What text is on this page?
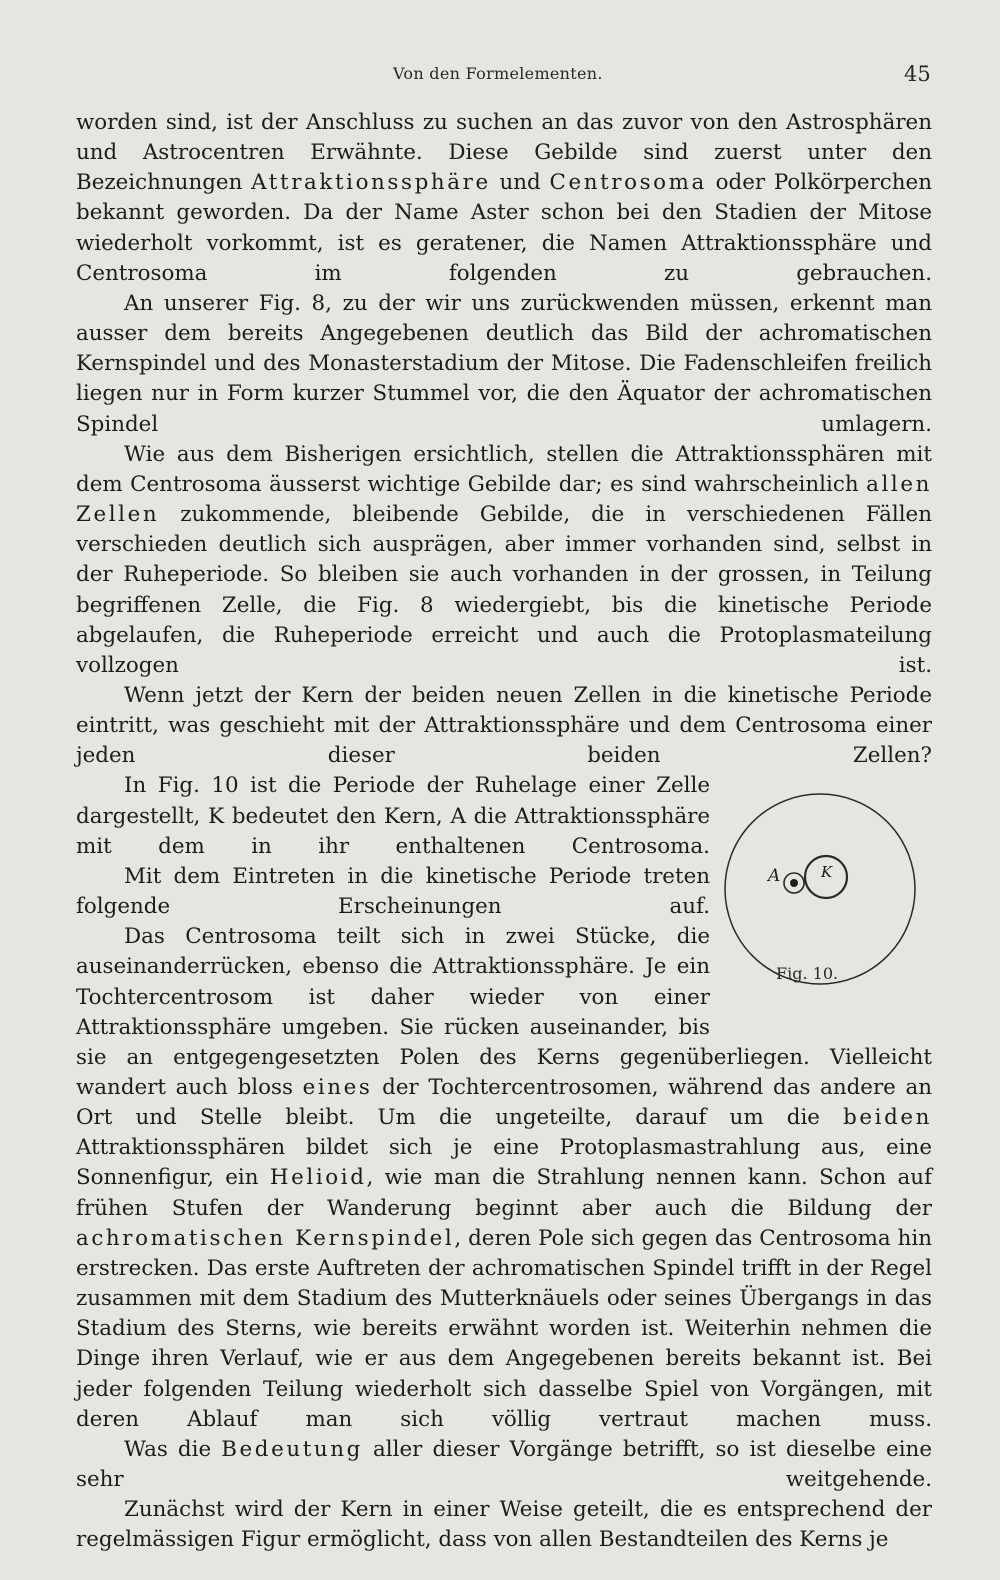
Von den Formelementen.	45

worden sind, ist der Anschluss zu suchen an das zuvor von den Astrosphären und Astrocentren Erwähnte. Diese Gebilde sind zuerst unter den Bezeichnungen Attraktionssphäre und Centrosoma oder Polkörperchen bekannt geworden. Da der Name Aster schon bei den Stadien der Mitose wiederholt vorkommt, ist es geratener, die Namen Attraktionssphäre und Centrosoma im folgenden zu gebrauchen.

An unserer Fig. 8, zu der wir uns zurückwenden müssen, erkennt man ausser dem bereits Angegebenen deutlich das Bild der achromatischen Kernspindel und des Monasterstadium der Mitose. Die Fadenschleifen freilich liegen nur in Form kurzer Stummel vor, die den Äquator der achromatischen Spindel umlagern.

Wie aus dem Bisherigen ersichtlich, stellen die Attraktionssphären mit dem Centrosoma äusserst wichtige Gebilde dar; es sind wahrscheinlich allen Zellen zukommende, bleibende Gebilde, die in verschiedenen Fällen verschieden deutlich sich ausprägen, aber immer vorhanden sind, selbst in der Ruheperiode. So bleiben sie auch vorhanden in der grossen, in Teilung begriffenen Zelle, die Fig. 8 wiedergiebt, bis die kinetische Periode abgelaufen, die Ruheperiode erreicht und auch die Protoplasmateilung vollzogen ist.

Wenn jetzt der Kern der beiden neuen Zellen in die kinetische Periode eintritt, was geschieht mit der Attraktionssphäre und dem Centrosoma einer jeden dieser beiden Zellen?

A	K
Fig. 10.

In Fig. 10 ist die Periode der Ruhelage einer Zelle dargestellt, K bedeutet den Kern, A die Attraktionssphäre mit dem in ihr enthaltenen Centrosoma.

Mit dem Eintreten in die kinetische Periode treten folgende Erscheinungen auf.

Das Centrosoma teilt sich in zwei Stücke, die auseinanderrücken, ebenso die Attraktionssphäre. Je ein Tochtercentrosom ist daher wieder von einer Attraktionssphäre umgeben. Sie rücken auseinander, bis sie an entgegengesetzten Polen des Kerns gegenüberliegen. Vielleicht wandert auch bloss eines der Tochtercentrosomen, während das andere an Ort und Stelle bleibt. Um die ungeteilte, darauf um die beiden Attraktionssphären bildet sich je eine Protoplasmastrahlung aus, eine Sonnenfigur, ein Helioid, wie man die Strahlung nennen kann. Schon auf frühen Stufen der Wanderung beginnt aber auch die Bildung der achromatischen Kernspindel, deren Pole sich gegen das Centrosoma hin erstrecken. Das erste Auftreten der achromatischen Spindel trifft in der Regel zusammen mit dem Stadium des Mutterknäuels oder seines Übergangs in das Stadium des Sterns, wie bereits erwähnt worden ist. Weiterhin nehmen die Dinge ihren Verlauf, wie er aus dem Angegebenen bereits bekannt ist. Bei jeder folgenden Teilung wiederholt sich dasselbe Spiel von Vorgängen, mit deren Ablauf man sich völlig vertraut machen muss.

Was die Bedeutung aller dieser Vorgänge betrifft, so ist dieselbe eine sehr weitgehende.

Zunächst wird der Kern in einer Weise geteilt, die es entsprechend der regelmässigen Figur ermöglicht, dass von allen Bestandteilen des Kerns je
